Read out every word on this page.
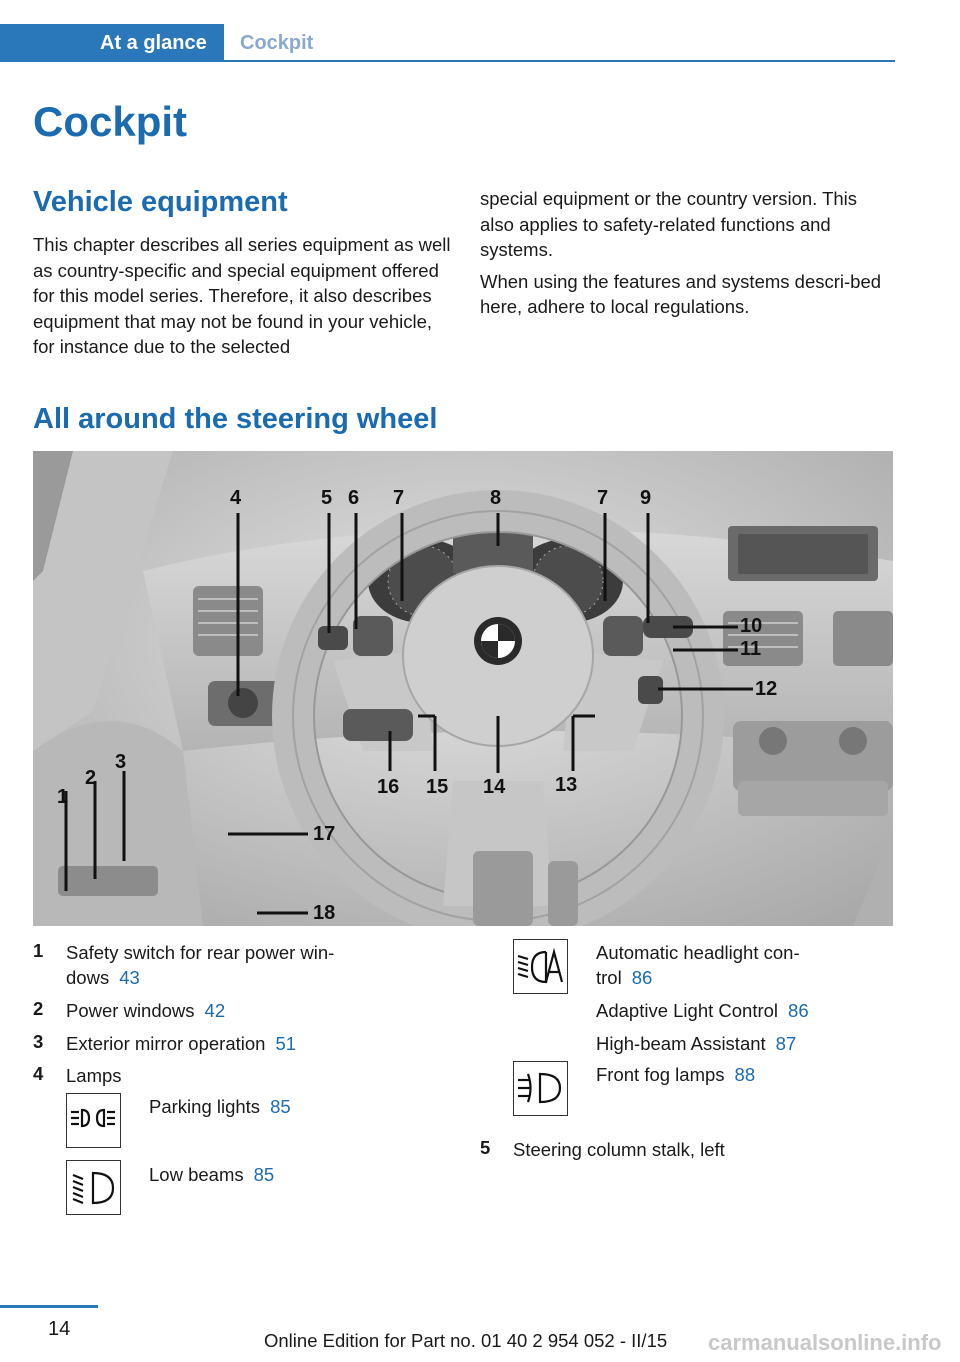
At a glance	Cockpit
Cockpit
Vehicle equipment
This chapter describes all series equipment as well as country-specific and special equipment offered for this model series. Therefore, it also describes equipment that may not be found in your vehicle, for instance due to the selected

special equipment or the country version. This also applies to safety-related functions and systems.

When using the features and systems descri‑bed here, adhere to local regulations.

All around the steering wheel
1
2
3
4	5 6 7	7
8	9
10
11
12
13
14
15
16
17
18
1 Safety switch for rear power win-
dows 43
2 Power windows 42
3 Exterior mirror operation 51
4 Lamps
Parking lights 85
Low beams 85
Automatic headlight con-
trol 86
Adaptive Light Control 86
High-beam Assistant 87
Front fog lamps 88
5 Steering column stalk, left
14
Online Edition for Part no. 01 40 2 954 052 - II/15 carmanualsonline.info
